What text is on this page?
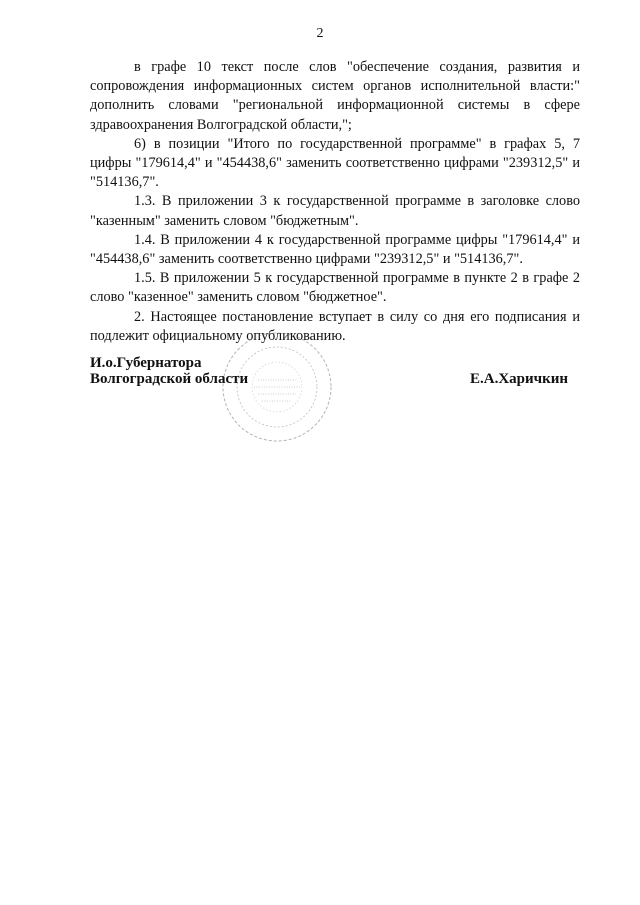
2

в графе 10 текст после слов "обеспечение создания, развития и сопровождения информационных систем органов исполнительной власти:" дополнить словами "региональной информационной системы в сфере здравоохранения Волгоградской области,";

6) в позиции "Итого по государственной программе" в графах 5, 7 цифры "179614,4" и "454438,6" заменить соответственно цифрами "239312,5" и "514136,7".

1.3. В приложении 3 к государственной программе в заголовке слово "казенным" заменить словом "бюджетным".

1.4. В приложении 4 к государственной программе цифры "179614,4" и "454438,6" заменить соответственно цифрами "239312,5" и "514136,7".

1.5. В приложении 5 к государственной программе в пункте 2 в графе 2 слово "казенное" заменить словом "бюджетное".

2. Настоящее постановление вступает в силу со дня его подписания и подлежит официальному опубликованию.

И.о.Губернатора
Волгоградской области	Е.А.Харичкин
